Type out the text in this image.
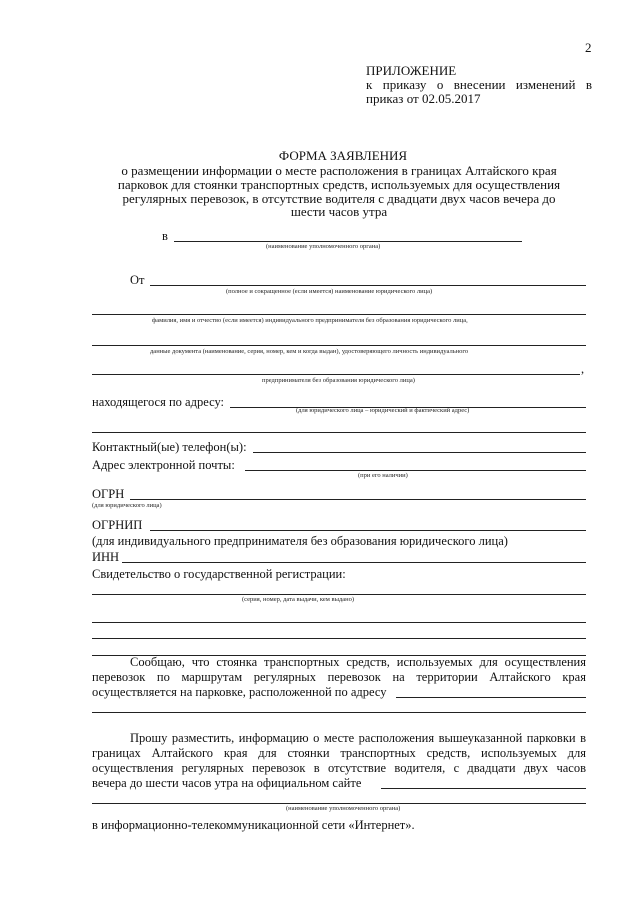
2
ПРИЛОЖЕНИЕ
к приказу о внесении изменений в
приказ от 02.05.2017
ФОРМА ЗАЯВЛЕНИЯ
о размещении информации о месте расположения в границах Алтайского края
парковок для стоянки транспортных средств, используемых для осуществления
регулярных перевозок, в отсутствие водителя с двадцати двух часов вечера до
шести часов утра
в
(наименование уполномоченного органа)
От
(полное и сокращенное (если имеется) наименование юридического лица)
фамилия, имя и отчество (если имеется) индивидуального предпринимателя без образования юридического лица,
данные документа (наименование, серия, номер, кем и когда выдан), удостоверяющего личность индивидуального
,
предпринимателя без образования юридического лица)
находящегося по адресу:
(для юридического лица – юридический и фактический адрес)
Контактный(ые) телефон(ы):
Адрес электронной почты:
(при его наличии)
ОГРН
(для юридического лица)
ОГРНИП
(для индивидуального предпринимателя без образования юридического лица)
ИНН
Свидетельство о государственной регистрации:
(серия, номер, дата выдачи, кем выдано)
Сообщаю, что стоянка транспортных средств, используемых для осуществления
перевозок по маршрутам регулярных перевозок на территории Алтайского края
осуществляется на парковке, расположенной по адресу
Прошу разместить, информацию о месте расположения вышеуказанной парковки в
границах Алтайского края для стоянки транспортных средств, используемых для
осуществления регулярных перевозок в отсутствие водителя, с двадцати двух часов
вечера до шести часов утра на официальном сайте
(наименование уполномоченного органа)
в информационно-телекоммуникационной сети «Интернет».
